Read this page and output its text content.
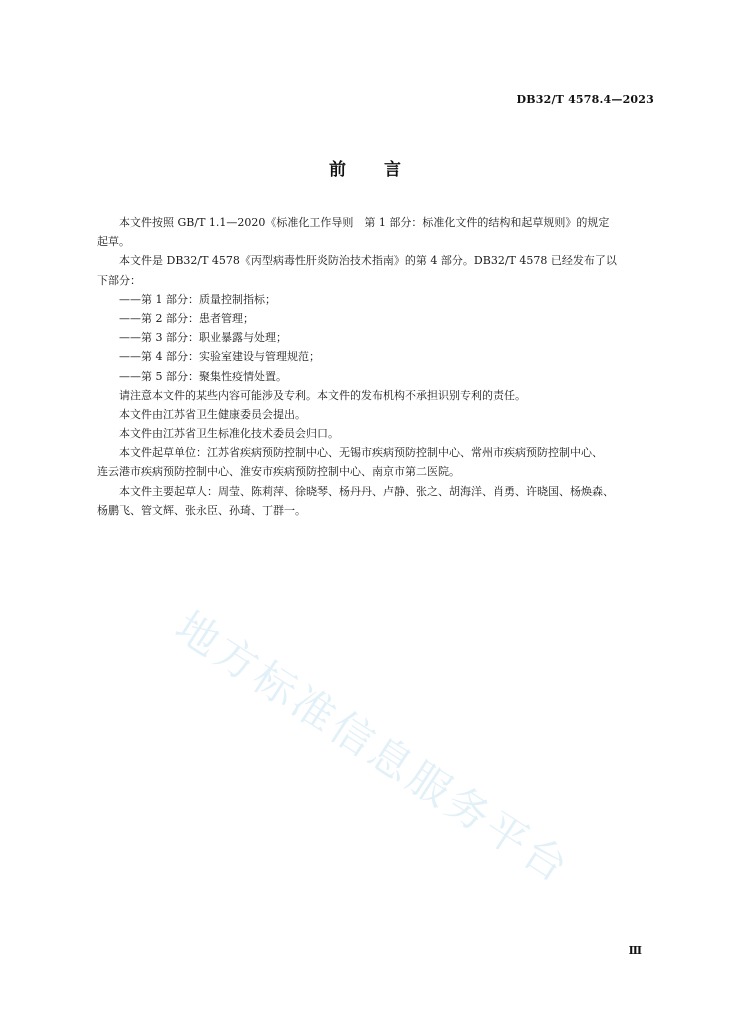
DB32/T 4578.4—2023
前言
本文件按照 GB/T 1.1—2020《标准化工作导则　第 1 部分：标准化文件的结构和起草规则》的规定
起草。
本文件是 DB32/T 4578《丙型病毒性肝炎防治技术指南》的第 4 部分。DB32/T 4578 已经发布了以
下部分：
——第 1 部分：质量控制指标；
——第 2 部分：患者管理；
——第 3 部分：职业暴露与处理；
——第 4 部分：实验室建设与管理规范；
——第 5 部分：聚集性疫情处置。
请注意本文件的某些内容可能涉及专利。本文件的发布机构不承担识别专利的责任。
本文件由江苏省卫生健康委员会提出。
本文件由江苏省卫生标准化技术委员会归口。
本文件起草单位：江苏省疾病预防控制中心、无锡市疾病预防控制中心、常州市疾病预防控制中心、
连云港市疾病预防控制中心、淮安市疾病预防控制中心、南京市第二医院。
本文件主要起草人：周莹、陈莉萍、徐晓琴、杨丹丹、卢静、张之、胡海洋、肖勇、许晓国、杨焕森、
杨鹏飞、管文辉、张永臣、孙琦、丁群一。
地方标准信息服务平台
Ⅲ
